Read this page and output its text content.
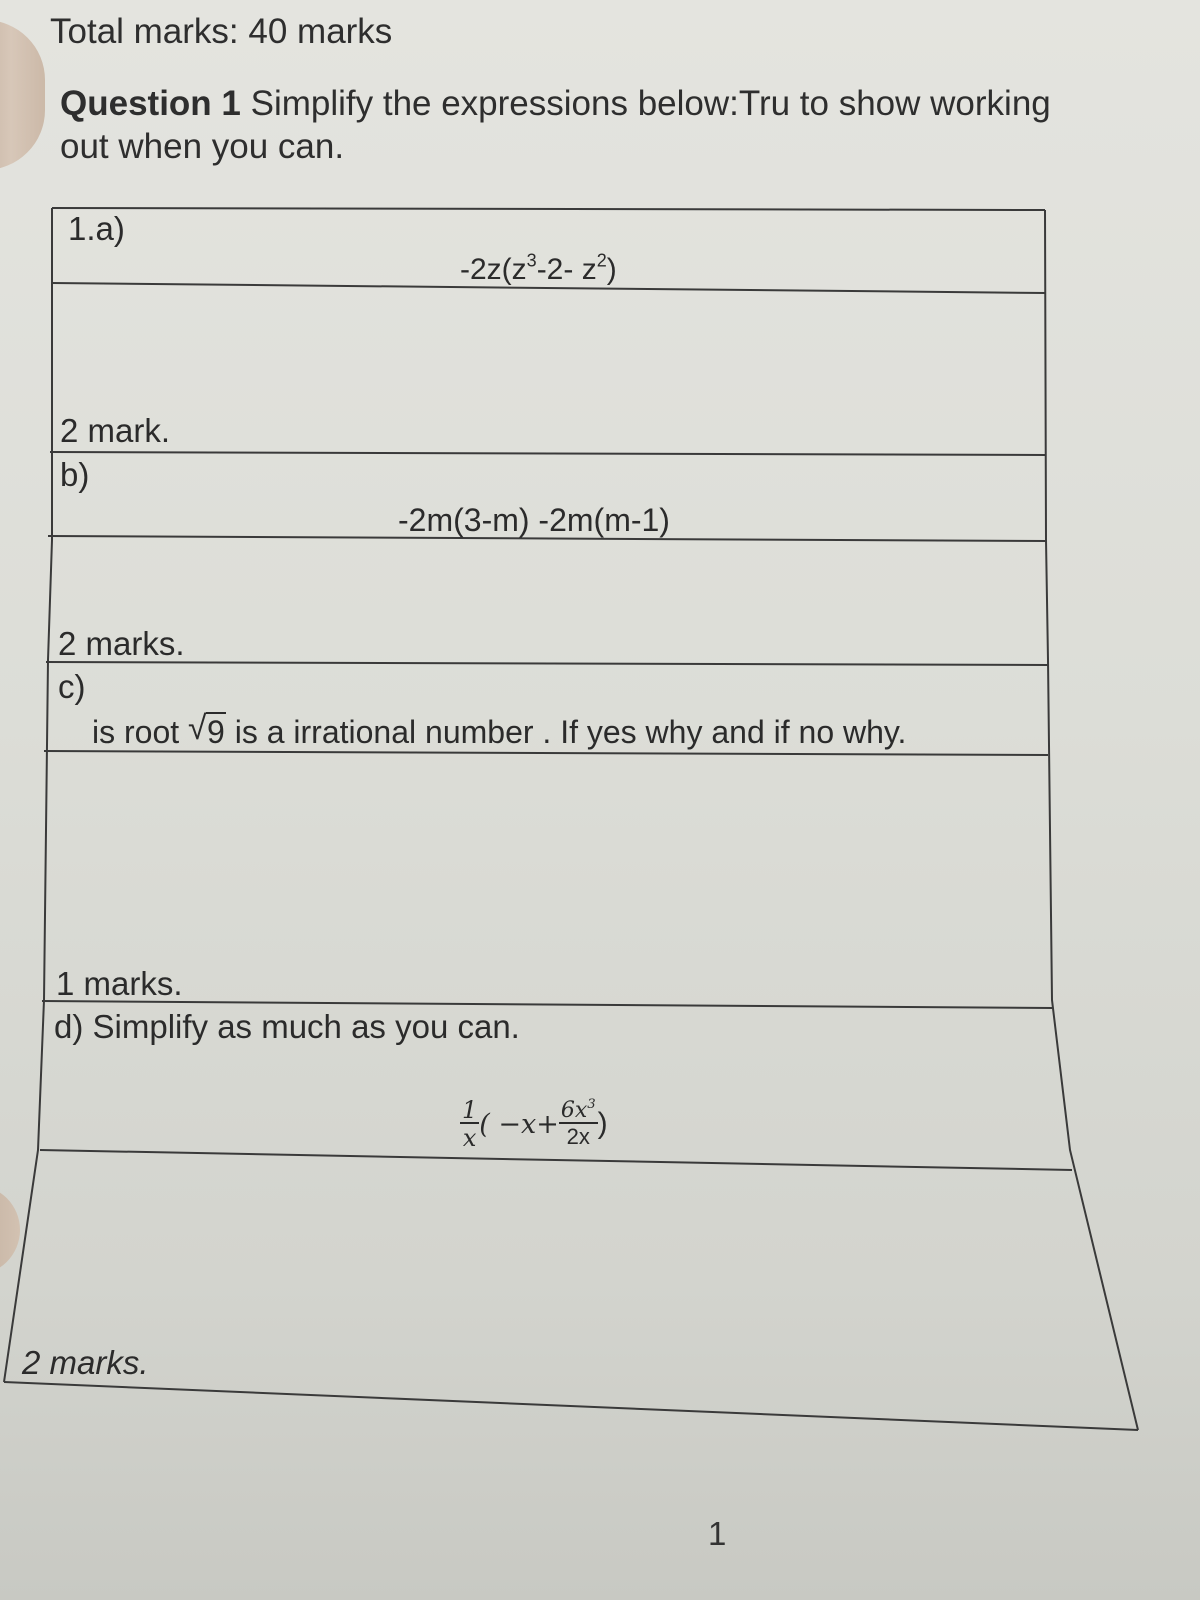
Total marks: 40 marks
Question 1 Simplify the expressions below:Tru to show working out when you can.
1.a)
$-2z(z^3-2-$ $z^2$)
2 mark.
b)
-2m(3-m) -2m(m-1)
2 marks.
c)
is root √ 9 is a irrational number . If yes why and if no why.
1 marks.
d) Simplify as much as you can.
$\frac{1}{x}$ ( $-x+ \frac{6x^3}{2x}$ )
2 marks.
1
